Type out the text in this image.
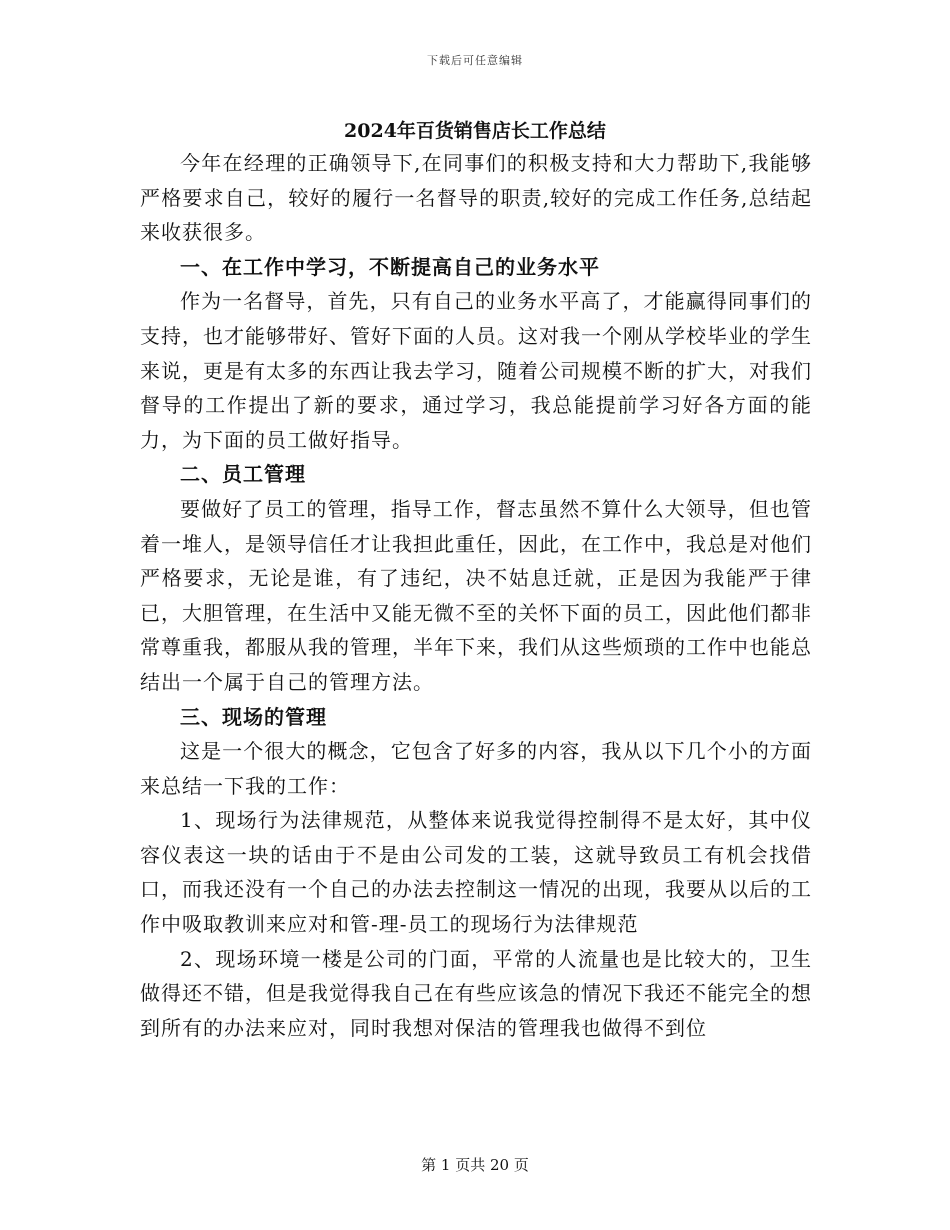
下载后可任意编辑
2024年百货销售店长工作总结

今年在经理的正确领导下,在同事们的积极支持和大力帮助下,我能够严格要求自己，较好的履行一名督导的职责,较好的完成工作任务,总结起来收获很多。

一、在工作中学习，不断提高自己的业务水平

作为一名督导，首先，只有自己的业务水平高了，才能赢得同事们的支持，也才能够带好、管好下面的人员。这对我一个刚从学校毕业的学生来说，更是有太多的东西让我去学习，随着公司规模不断的扩大，对我们督导的工作提出了新的要求，通过学习，我总能提前学习好各方面的能力，为下面的员工做好指导。

二、员工管理

要做好了员工的管理，指导工作，督志虽然不算什么大领导，但也管着一堆人，是领导信任才让我担此重任，因此，在工作中，我总是对他们严格要求，无论是谁，有了违纪，决不姑息迁就，正是因为我能严于律已，大胆管理，在生活中又能无微不至的关怀下面的员工，因此他们都非常尊重我，都服从我的管理，半年下来，我们从这些烦琐的工作中也能总结出一个属于自己的管理方法。

三、现场的管理

这是一个很大的概念，它包含了好多的内容，我从以下几个小的方面来总结一下我的工作：

1、现场行为法律规范，从整体来说我觉得控制得不是太好，其中仪容仪表这一块的话由于不是由公司发的工装，这就导致员工有机会找借口，而我还没有一个自己的办法去控制这一情况的出现，我要从以后的工作中吸取教训来应对和管-理-员工的现场行为法律规范

2、现场环境一楼是公司的门面，平常的人流量也是比较大的，卫生做得还不错，但是我觉得我自己在有些应该急的情况下我还不能完全的想到所有的办法来应对，同时我想对保洁的管理我也做得不到位

第 1 页共 20 页
